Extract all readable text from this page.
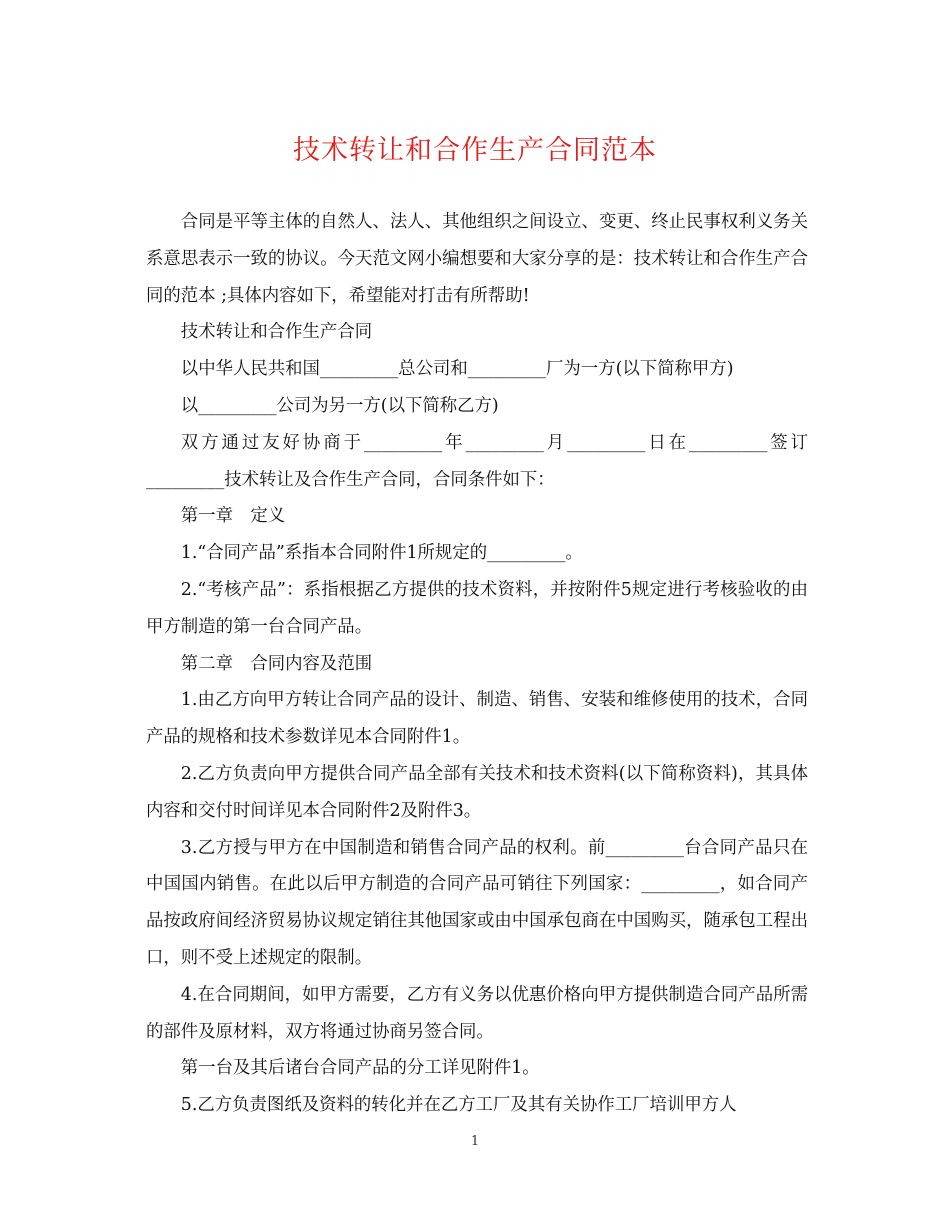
技术转让和合作生产合同范本

合同是平等主体的自然人、法人、其他组织之间设立、变更、终止民事权利义务关系意思表示一致的协议。今天范文网小编想要和大家分享的是：技术转让和合作生产合同的范本 ;具体内容如下，希望能对打击有所帮助!

技术转让和合作生产合同

以中华人民共和国_________总公司和_________厂为一方(以下简称甲方)

以_________公司为另一方(以下简称乙方)

双方通过友好协商于_________年_________月_________日在_________签订_________技术转让及合作生产合同，合同条件如下：

第一章　定义

1.“合同产品”系指本合同附件1所规定的_________。

2.“考核产品”：系指根据乙方提供的技术资料，并按附件5规定进行考核验收的由甲方制造的第一台合同产品。

第二章　合同内容及范围

1.由乙方向甲方转让合同产品的设计、制造、销售、安装和维修使用的技术，合同产品的规格和技术参数详见本合同附件1。

2.乙方负责向甲方提供合同产品全部有关技术和技术资料(以下简称资料)，其具体内容和交付时间详见本合同附件2及附件3。

3.乙方授与甲方在中国制造和销售合同产品的权利。前_________台合同产品只在中国国内销售。在此以后甲方制造的合同产品可销往下列国家：_________，如合同产品按政府间经济贸易协议规定销往其他国家或由中国承包商在中国购买，随承包工程出口，则不受上述规定的限制。

4.在合同期间，如甲方需要，乙方有义务以优惠价格向甲方提供制造合同产品所需的部件及原材料，双方将通过协商另签合同。

第一台及其后诸台合同产品的分工详见附件1。

5.乙方负责图纸及资料的转化并在乙方工厂及其有关协作工厂培训甲方人

1
